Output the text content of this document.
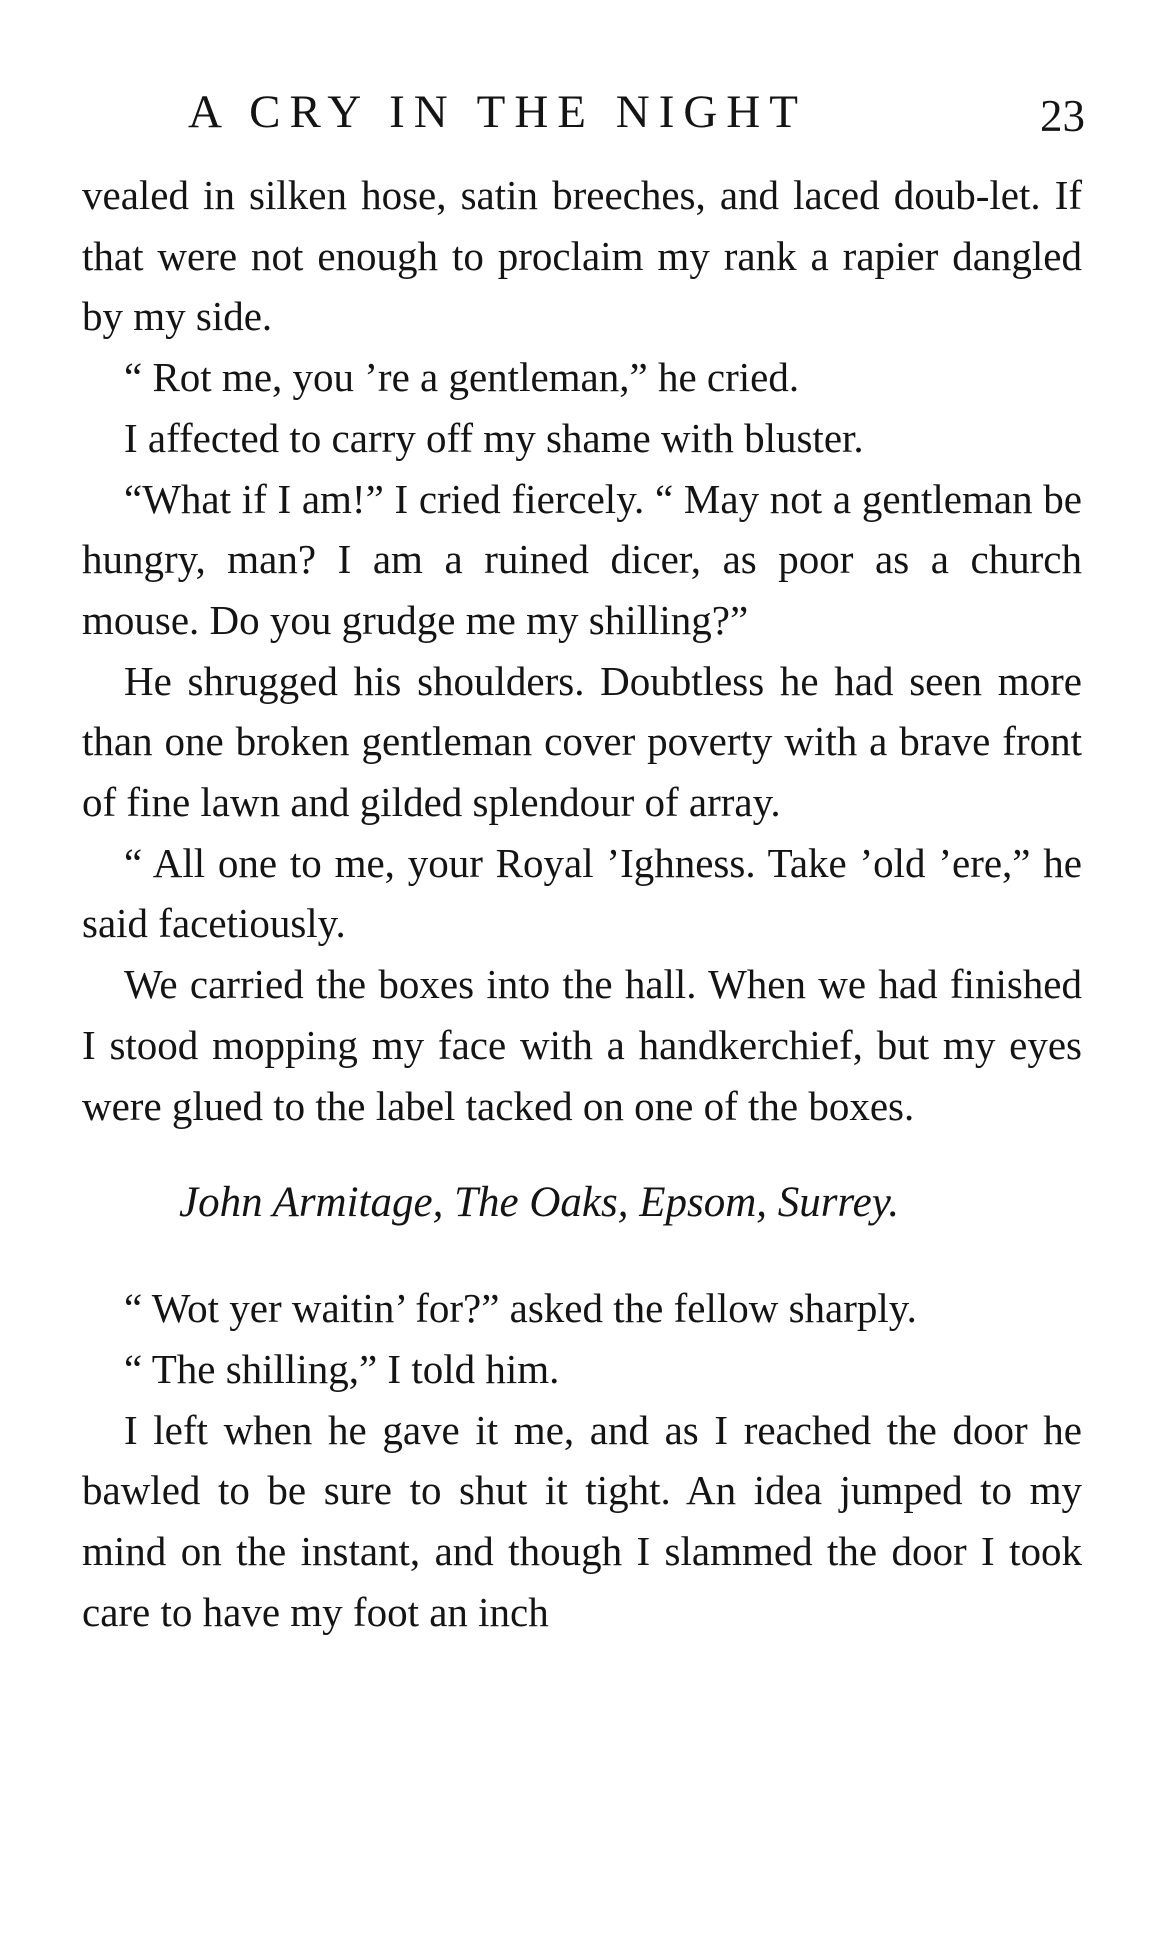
A CRY IN THE NIGHT	23

vealed in silken hose, satin breeches, and laced doub-let. If that were not enough to proclaim my rank a rapier dangled by my side.

“ Rot me, you ’re a gentleman,” he cried.

I affected to carry off my shame with bluster.

“What if I am!” I cried fiercely. “ May not a gentleman be hungry, man? I am a ruined dicer, as poor as a church mouse. Do you grudge me my shilling?”

He shrugged his shoulders. Doubtless he had seen more than one broken gentleman cover poverty with a brave front of fine lawn and gilded splendour of array.

“ All one to me, your Royal ’Ighness. Take ’old ’ere,” he said facetiously.

We carried the boxes into the hall. When we had finished I stood mopping my face with a handkerchief, but my eyes were glued to the label tacked on one of the boxes.

John Armitage, The Oaks, Epsom, Surrey.

“ Wot yer waitin’ for?” asked the fellow sharply.

“ The shilling,” I told him.

I left when he gave it me, and as I reached the door he bawled to be sure to shut it tight. An idea jumped to my mind on the instant, and though I slammed the door I took care to have my foot an inch
